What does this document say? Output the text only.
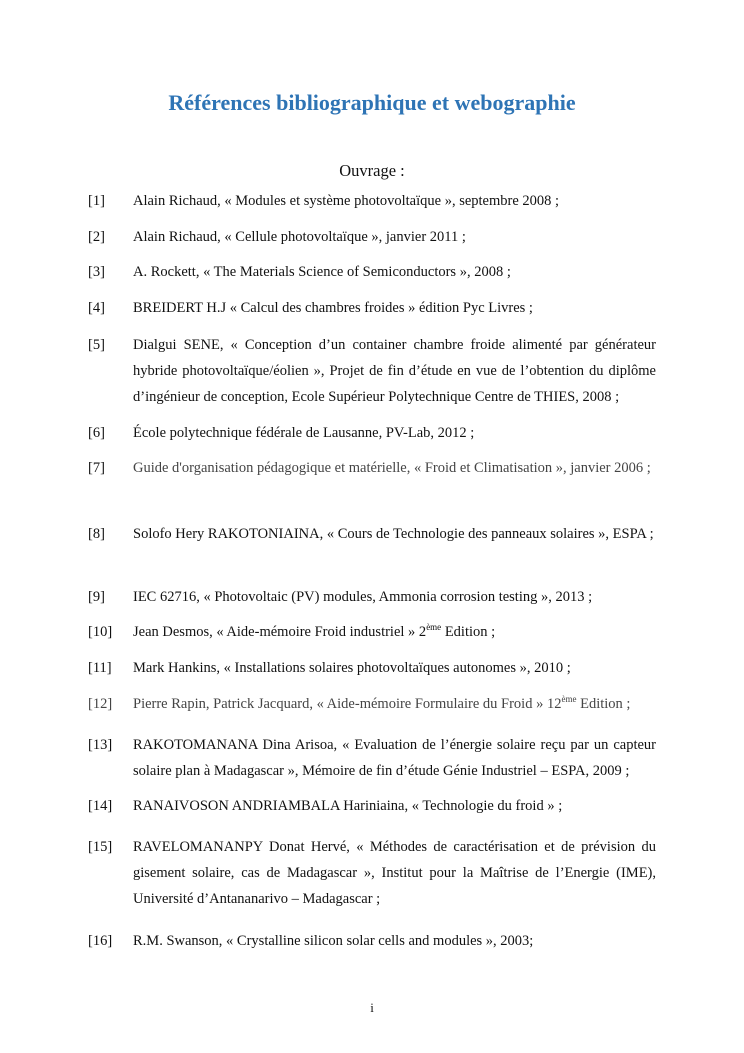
Références bibliographique et webographie
Ouvrage :
[1]	Alain Richaud, « Modules et système photovoltaïque », septembre 2008 ;
[2]	Alain Richaud, « Cellule photovoltaïque », janvier 2011 ;
[3]	A. Rockett, « The Materials Science of Semiconductors », 2008 ;
[4]	BREIDERT H.J « Calcul des chambres froides » édition Pyc Livres ;
[5]	Dialgui SENE, « Conception d’un container chambre froide alimenté par générateur hybride photovoltaïque/éolien », Projet de fin d’étude en vue de l’obtention du diplôme d’ingénieur de conception, Ecole Supérieur Polytechnique Centre de THIES, 2008 ;
[6]	École polytechnique fédérale de Lausanne, PV-Lab, 2012 ;
[7]	Guide d'organisation pédagogique et matérielle, « Froid et Climatisation », janvier 2006 ;
[8]	Solofo Hery RAKOTONIAINA, « Cours de Technologie des panneaux solaires », ESPA ;
[9]	IEC 62716, « Photovoltaic (PV) modules, Ammonia corrosion testing », 2013 ;
[10]	Jean Desmos, « Aide-mémoire Froid industriel » 2ème Edition ;
[11]	Mark Hankins, « Installations solaires photovoltaïques autonomes », 2010 ;
[12]	Pierre Rapin, Patrick Jacquard, « Aide-mémoire Formulaire du Froid » 12ème Edition ;
[13]	RAKOTOMANANA Dina Arisoa, « Evaluation de l’énergie solaire reçu par un capteur solaire plan à Madagascar », Mémoire de fin d’étude Génie Industriel – ESPA, 2009 ;
[14]	RANAIVOSON ANDRIAMBALA Hariniaina, « Technologie du froid » ;
[15]	RAVELOMANANPY Donat Hervé, « Méthodes de caractérisation et de prévision du gisement solaire, cas de Madagascar », Institut pour la Maîtrise de l’Energie (IME), Université d’Antananarivo – Madagascar ;
[16]	R.M. Swanson, « Crystalline silicon solar cells and modules », 2003;
i
